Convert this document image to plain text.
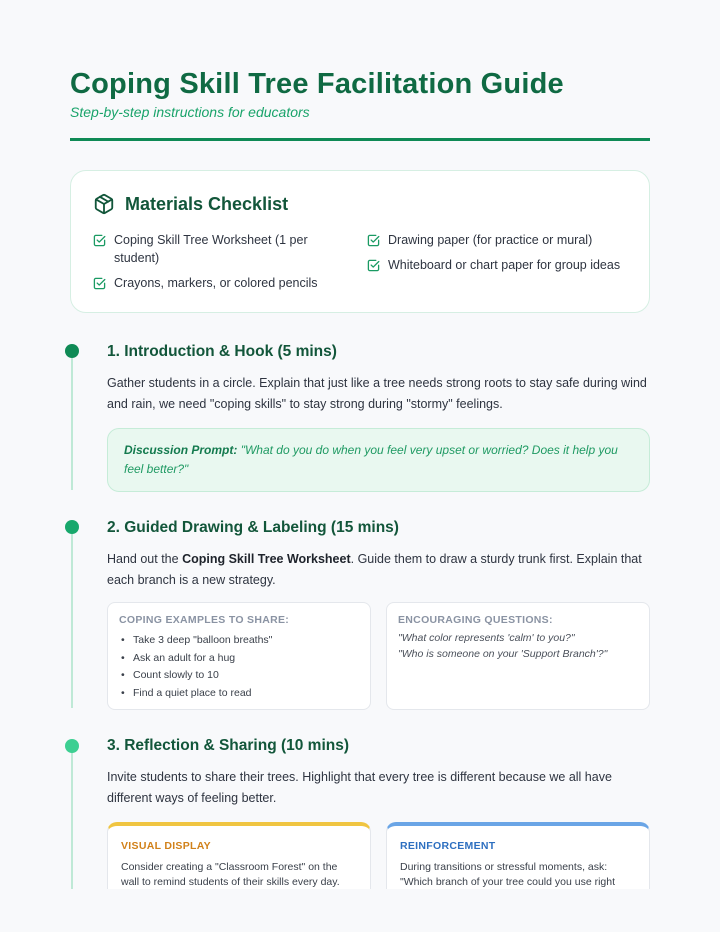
Coping Skill Tree Facilitation Guide
Step-by-step instructions for educators
Materials Checklist
Coping Skill Tree Worksheet (1 per student)
Crayons, markers, or colored pencils
Drawing paper (for practice or mural)
Whiteboard or chart paper for group ideas
1. Introduction & Hook (5 mins)

Gather students in a circle. Explain that just like a tree needs strong roots to stay safe during wind and rain, we need "coping skills" to stay strong during "stormy" feelings.

Discussion Prompt: "What do you do when you feel very upset or worried? Does it help you feel better?"
2. Guided Drawing & Labeling (15 mins)

Hand out the Coping Skill Tree Worksheet. Guide them to draw a sturdy trunk first. Explain that each branch is a new strategy.

COPING EXAMPLES TO SHARE:
• Take 3 deep "balloon breaths"
• Ask an adult for a hug
• Count slowly to 10
• Find a quiet place to read
ENCOURAGING QUESTIONS:
"What color represents 'calm' to you?"
"Who is someone on your 'Support Branch'?"
3. Reflection & Sharing (10 mins)

Invite students to share their trees. Highlight that every tree is different because we all have different ways of feeling better.

VISUAL DISPLAY
Consider creating a "Classroom Forest" on the wall to remind students of their skills every day.
REINFORCEMENT
During transitions or stressful moments, ask: "Which branch of your tree could you use right
